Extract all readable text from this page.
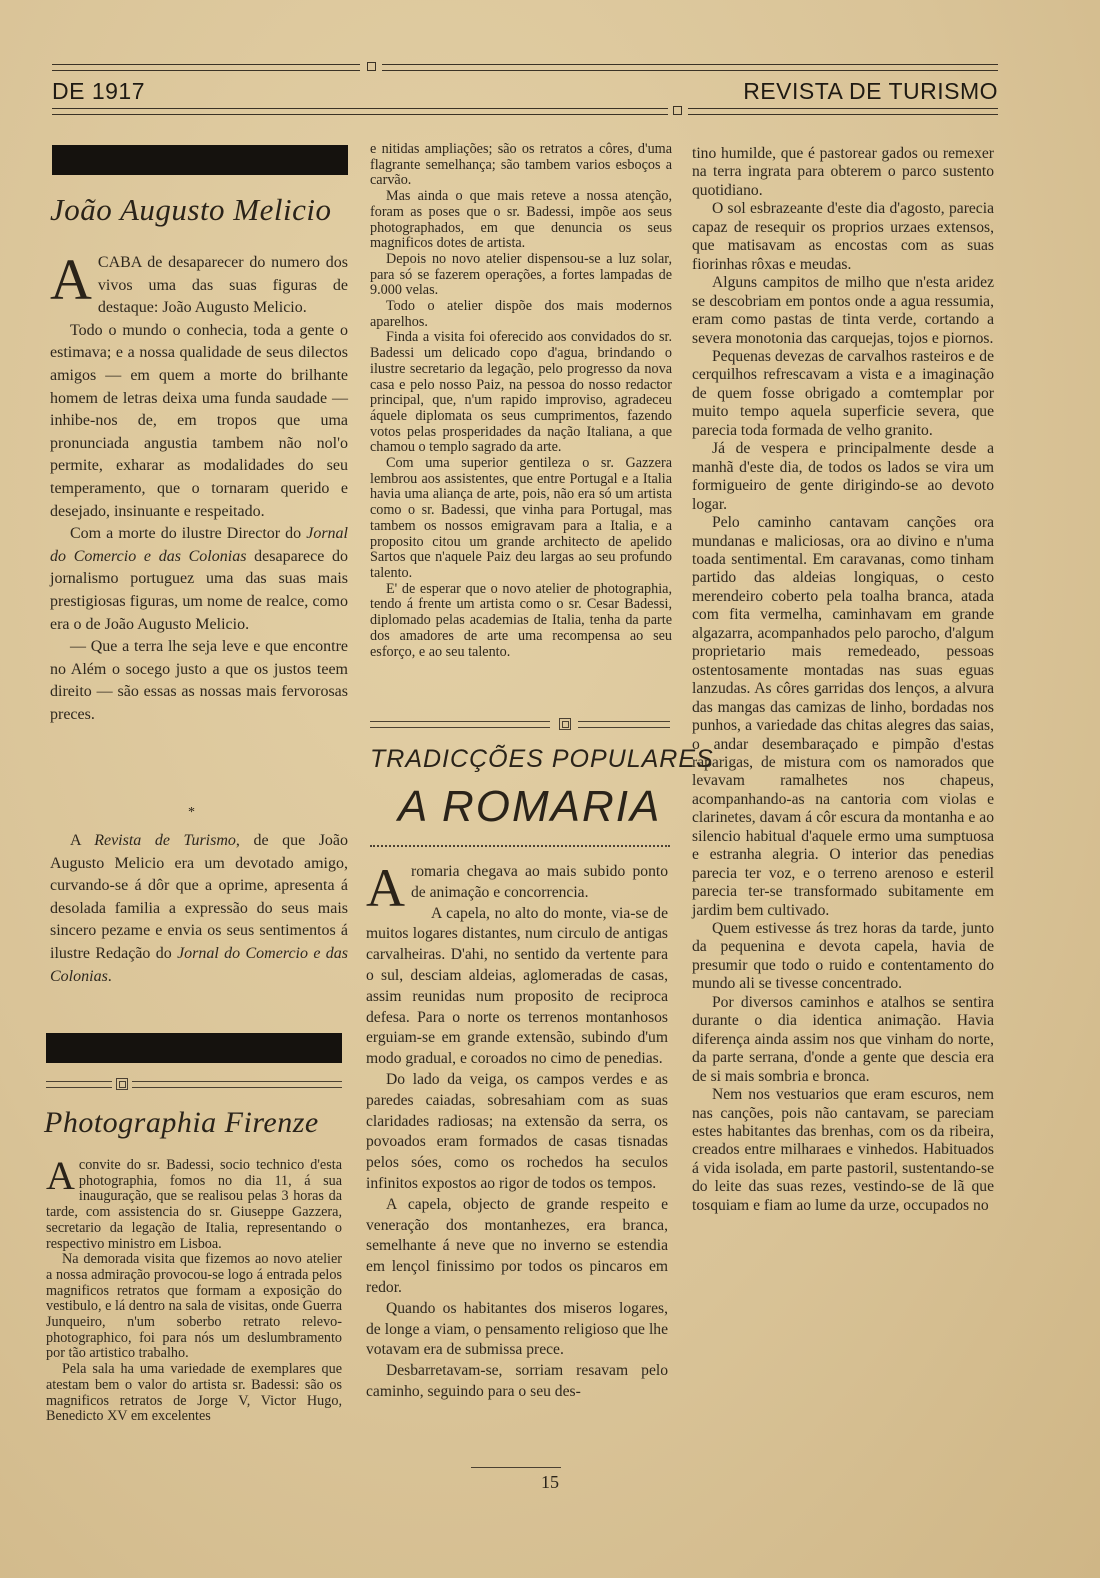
DE 1917	REVISTA DE TURISMO
João Augusto Melicio

ACABA de desaparecer do numero dos vivos uma das suas figuras de destaque: João Augusto Melicio.

Todo o mundo o conhecia, toda a gente o estimava; e a nossa qualidade de seus dilectos amigos — em quem a morte do brilhante homem de letras deixa uma funda saudade — inhibe-nos de, em tropos que uma pronunciada angustia tambem não nol'o permite, exharar as modalidades do seu temperamento, que o tornaram querido e desejado, insinuante e respeitado.

Com a morte do ilustre Director do Jornal do Comercio e das Colonias desaparece do jornalismo portuguez uma das suas mais prestigiosas figuras, um nome de realce, como era o de João Augusto Melicio.

— Que a terra lhe seja leve e que encontre no Além o socego justo a que os justos teem direito — são essas as nossas mais fervorosas preces.

*

A Revista de Turismo, de que João Augusto Melicio era um devotado amigo, curvando-se á dôr que a oprime, apresenta á desolada familia a expressão do seus mais sincero pezame e envia os seus sentimentos á ilustre Redação do Jornal do Comercio e das Colonias.

Photographia Firenze

Aconvite do sr. Badessi, socio technico d'esta photographia, fomos no dia 11, á sua inauguração, que se realisou pelas 3 horas da tarde, com assistencia do sr. Giuseppe Gazzera, secretario da legação de Italia, representando o respectivo ministro em Lisboa.

Na demorada visita que fizemos ao novo atelier a nossa admiração provocou-se logo á entrada pelos magnificos retratos que formam a exposição do vestibulo, e lá dentro na sala de visitas, onde Guerra Junqueiro, n'um soberbo retrato relevo-photographico, foi para nós um deslumbramento por tão artistico trabalho.

Pela sala ha uma variedade de exemplares que atestam bem o valor do artista sr. Badessi: são os magnificos retratos de Jorge V, Victor Hugo, Benedicto XV em excelentes

e nitidas ampliações; são os retratos a côres, d'uma flagrante semelhança; são tambem varios esboços a carvão.

Mas ainda o que mais reteve a nossa atenção, foram as poses que o sr. Badessi, impõe aos seus photographados, em que denuncia os seus magnificos dotes de artista.

Depois no novo atelier dispensou-se a luz solar, para só se fazerem operações, a fortes lampadas de 9.000 velas.

Todo o atelier dispõe dos mais modernos aparelhos.

Finda a visita foi oferecido aos convidados do sr. Badessi um delicado copo d'agua, brindando o ilustre secretario da legação, pelo progresso da nova casa e pelo nosso Paiz, na pessoa do nosso redactor principal, que, n'um rapido improviso, agradeceu áquele diplomata os seus cumprimentos, fazendo votos pelas prosperidades da nação Italiana, a que chamou o templo sagrado da arte.

Com uma superior gentileza o sr. Gazzera lembrou aos assistentes, que entre Portugal e a Italia havia uma aliança de arte, pois, não era só um artista como o sr. Badessi, que vinha para Portugal, mas tambem os nossos emigravam para a Italia, e a proposito citou um grande architecto de apelido Sartos que n'aquele Paiz deu largas ao seu profundo talento.

E' de esperar que o novo atelier de photographia, tendo á frente um artista como o sr. Cesar Badessi, diplomado pelas academias de Italia, tenha da parte dos amadores de arte uma recompensa ao seu esforço, e ao seu talento.

TRADICÇÕES POPULARES
A ROMARIA

Aromaria chegava ao mais subido ponto de animação e concorrencia.

A capela, no alto do monte, via-se de muitos logares distantes, num circulo de antigas carvalheiras. D'ahi, no sentido da vertente para o sul, desciam aldeias, aglomeradas de casas, assim reunidas num proposito de reciproca defesa. Para o norte os terrenos montanhosos erguiam-se em grande extensão, subindo d'um modo gradual, e coroados no cimo de penedias.

Do lado da veiga, os campos verdes e as paredes caiadas, sobresahiam com as suas claridades radiosas; na extensão da serra, os povoados eram formados de casas tisnadas pelos sóes, como os rochedos ha seculos infinitos expostos ao rigor de todos os tempos.

A capela, objecto de grande respeito e veneração dos montanhezes, era branca, semelhante á neve que no inverno se estendia em lençol finissimo por todos os pincaros em redor.

Quando os habitantes dos miseros logares, de longe a viam, o pensamento religioso que lhe votavam era de submissa prece.

Desbarretavam-se, sorriam resavam pelo caminho, seguindo para o seu des-

tino humilde, que é pastorear gados ou remexer na terra ingrata para obterem o parco sustento quotidiano.

O sol esbrazeante d'este dia d'agosto, parecia capaz de resequir os proprios urzaes extensos, que matisavam as encostas com as suas fiorinhas rôxas e meudas.

Alguns campitos de milho que n'esta aridez se descobriam em pontos onde a agua ressumia, eram como pastas de tinta verde, cortando a severa monotonia das carquejas, tojos e piornos.

Pequenas devezas de carvalhos rasteiros e de cerquilhos refrescavam a vista e a imaginação de quem fosse obrigado a comtemplar por muito tempo aquela superficie severa, que parecia toda formada de velho granito.

Já de vespera e principalmente desde a manhã d'este dia, de todos os lados se vira um formigueiro de gente dirigindo-se ao devoto logar.

Pelo caminho cantavam canções ora mundanas e maliciosas, ora ao divino e n'uma toada sentimental. Em caravanas, como tinham partido das aldeias longiquas, o cesto merendeiro coberto pela toalha branca, atada com fita vermelha, caminhavam em grande algazarra, acompanhados pelo parocho, d'algum proprietario mais remedeado, pessoas ostentosamente montadas nas suas eguas lanzudas. As côres garridas dos lenços, a alvura das mangas das camizas de linho, bordadas nos punhos, a variedade das chitas alegres das saias, o andar desembaraçado e pimpão d'estas raparigas, de mistura com os namorados que levavam ramalhetes nos chapeus, acompanhando-as na cantoria com violas e clarinetes, davam á côr escura da montanha e ao silencio habitual d'aquele ermo uma sumptuosa e estranha alegria. O interior das penedias parecia ter voz, e o terreno arenoso e esteril parecia ter-se transformado subitamente em jardim bem cultivado.

Quem estivesse ás trez horas da tarde, junto da pequenina e devota capela, havia de presumir que todo o ruido e contentamento do mundo ali se tivesse concentrado.

Por diversos caminhos e atalhos se sentira durante o dia identica animação. Havia diferença ainda assim nos que vinham do norte, da parte serrana, d'onde a gente que descia era de si mais sombria e bronca.

Nem nos vestuarios que eram escuros, nem nas canções, pois não cantavam, se pareciam estes habitantes das brenhas, com os da ribeira, creados entre milharaes e vinhedos. Habituados á vida isolada, em parte pastoril, sustentando-se do leite das suas rezes, vestindo-se de lã que tosquiam e fiam ao lume da urze, occupados no

15
